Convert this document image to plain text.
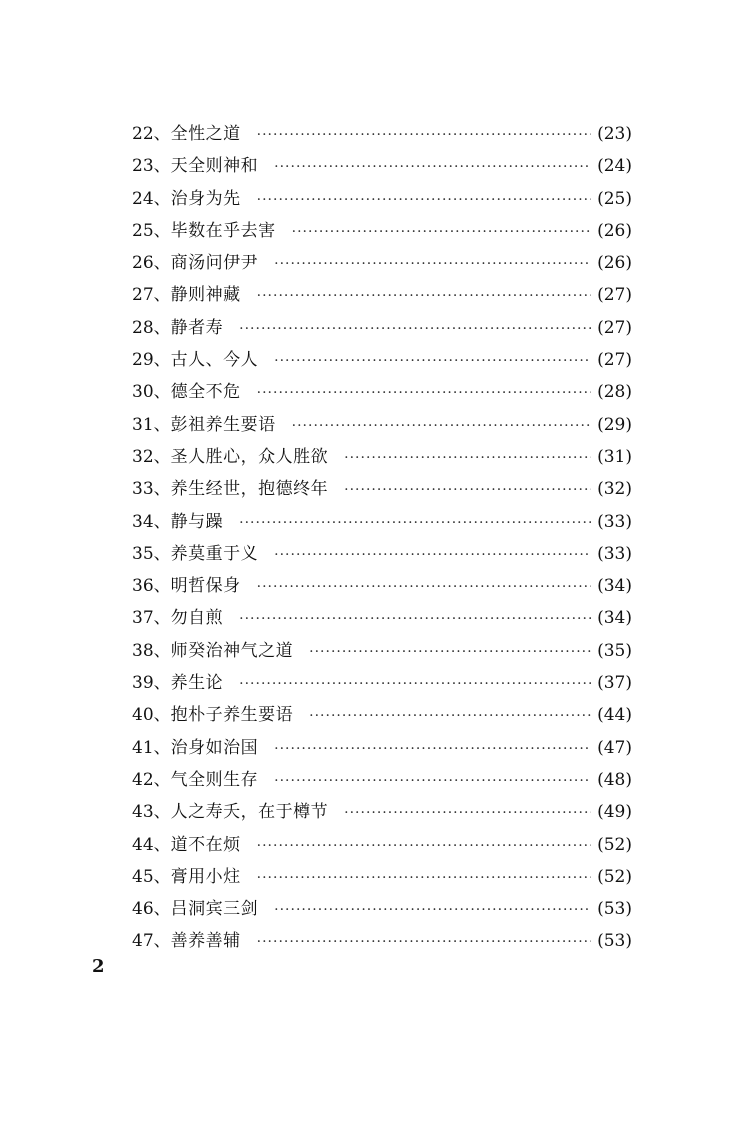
22、 全性之道 ·····	(23)
23、 天全则神和 ·····	(24)
24、 治身为先 ·····	(25)
25、 毕数在乎去害 ·····	(26)
26、 商汤问伊尹 ·····	(26)
27、 静则神藏 ·····	(27)
28、 静者寿 ·····	(27)
29、 古人、今人 ·····	(27)
30、 德全不危 ·····	(28)
31、 彭祖养生要语 ·····	(29)
32、 圣人胜心，众人胜欲 ·····	(31)
33、 养生经世，抱德终年 ·····	(32)
34、 静与躁 ·····	(33)
35、 养莫重于义 ·····	(33)
36、 明哲保身 ·····	(34)
37、 勿自煎 ·····	(34)
38、 师癸治神气之道 ·····	(35)
39、 养生论 ·····	(37)
40、 抱朴子养生要语 ·····	(44)
41、 治身如治国 ·····	(47)
42、 气全则生存 ·····	(48)
43、 人之寿夭，在于樽节 ·····	(49)
44、 道不在烦 ·····	(52)
45、 膏用小炷 ·····	(52)
46、 吕洞宾三剑 ·····	(53)
47、 善养善辅 ·····	(53)
2
